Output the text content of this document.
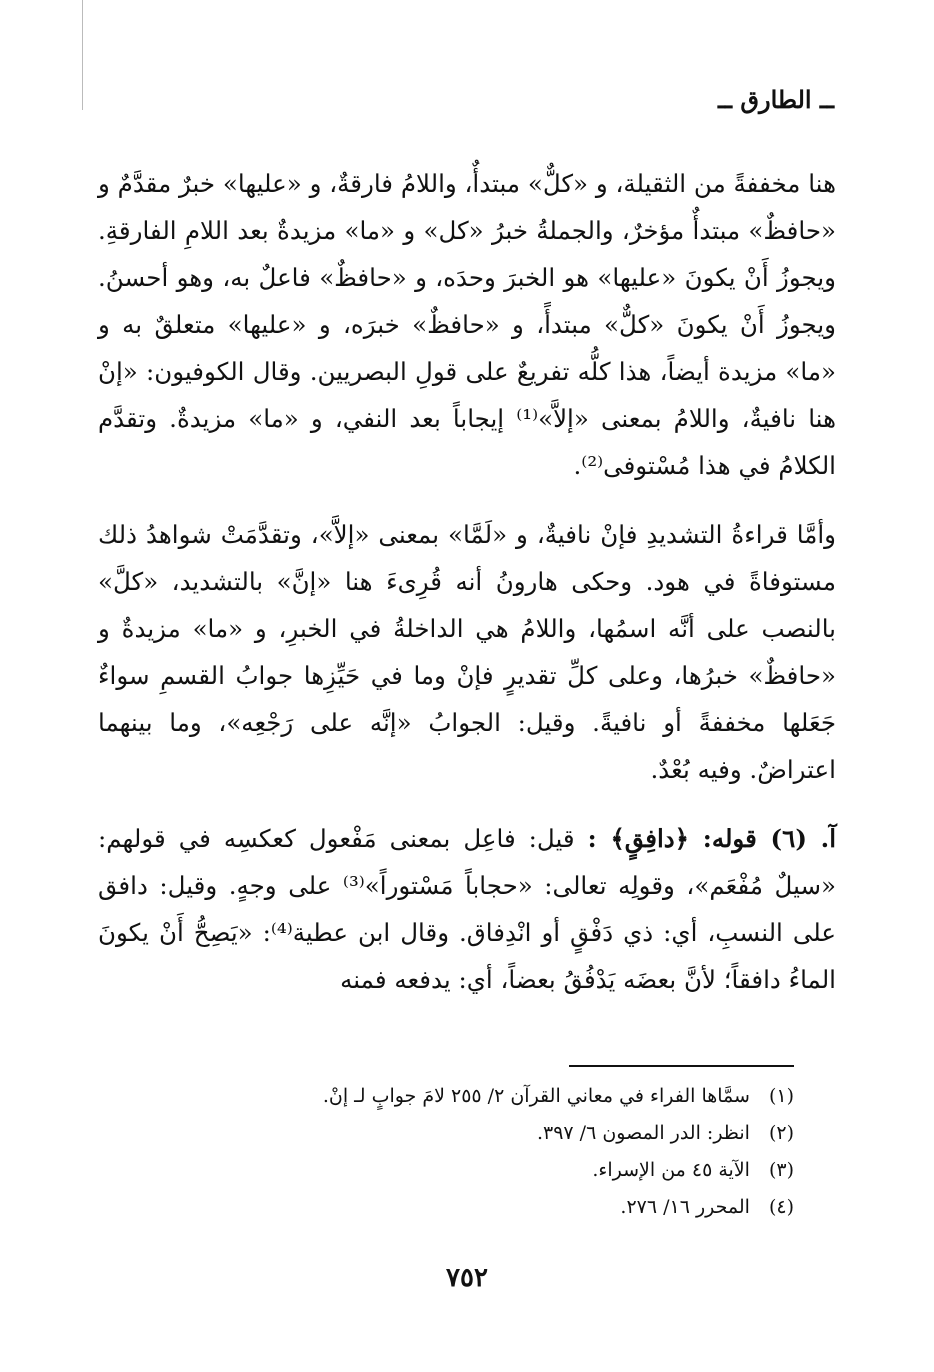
ــ الطارق ــ

هنا مخففةً من الثقيلة، و «كلٌّ» مبتدأٌ، واللامُ فارقةٌ، و «عليها» خبرٌ مقدَّمٌ و «حافظٌ» مبتدأٌ مؤخرٌ، والجملةُ خبرُ «كل» و «ما» مزيدةٌ بعد اللامِ الفارقةِ. ويجوزُ أَنْ يكونَ «عليها» هو الخبرَ وحدَه، و «حافظٌ» فاعلٌ به، وهو أحسنُ. ويجوزُ أَنْ يكونَ «كلٌّ» مبتدأً، و «حافظٌ» خبرَه، و «عليها» متعلقٌ به و «ما» مزيدة أيضاً، هذا كلُّه تفريعٌ على قولِ البصريين. وقال الكوفيون: «إنْ هنا نافيةٌ، واللامُ بمعنى «إلاَّ»⁽¹⁾ إيجاباً بعد النفي، و «ما» مزيدةٌ. وتقدَّم الكلامُ في هذا مُسْتوفى⁽²⁾.

وأمَّا قراءةُ التشديدِ فإنْ نافيةٌ، و «لَمَّا» بمعنى «إلاَّ»، وتقدَّمَتْ شواهدُ ذلك مستوفاةً في هود. وحكى هارونُ أنه قُرِىءَ هنا «إنَّ» بالتشديد، «كلَّ» بالنصب على أنَّه اسمُها، واللامُ هي الداخلةُ في الخبرِ، و «ما» مزيدةٌ و «حافظٌ» خبرُها، وعلى كلِّ تقديرٍ فإنْ وما في حَيِّزِها جوابُ القسمِ سواءٌ جَعَلها مخففةً أو نافيةً. وقيل: الجوابُ «إنَّه على رَجْعِه»، وما بينهما اعتراضٌ. وفيه بُعْدٌ.

آ. (٦) قوله: ﴿دافِقٍ﴾ : قيل: فاعِل بمعنى مَفْعول كعكسِه في قولهم: «سيلٌ مُفْعَم»، وقولِه تعالى: «حجاباً مَسْتوراً»⁽³⁾ على وجهٍ. وقيل: دافق على النسبِ، أي: ذي دَفْقٍ أو انْدِفاق. وقال ابن عطية⁽⁴⁾: «يَصِحُّ أَنْ يكونَ الماءُ دافقاً؛ لأنَّ بعضَه يَدْفُقُ بعضاً، أي: يدفعه فمنه

(١) سمَّاها الفراء في معاني القرآن ٢/ ٢٥٥ لامَ جوابٍ لـ إنْ.
(٢) انظر: الدر المصون ٦/ ٣٩٧.
(٣) الآية ٤٥ من الإسراء.
(٤) المحرر ١٦/ ٢٧٦.
٧٥٢
